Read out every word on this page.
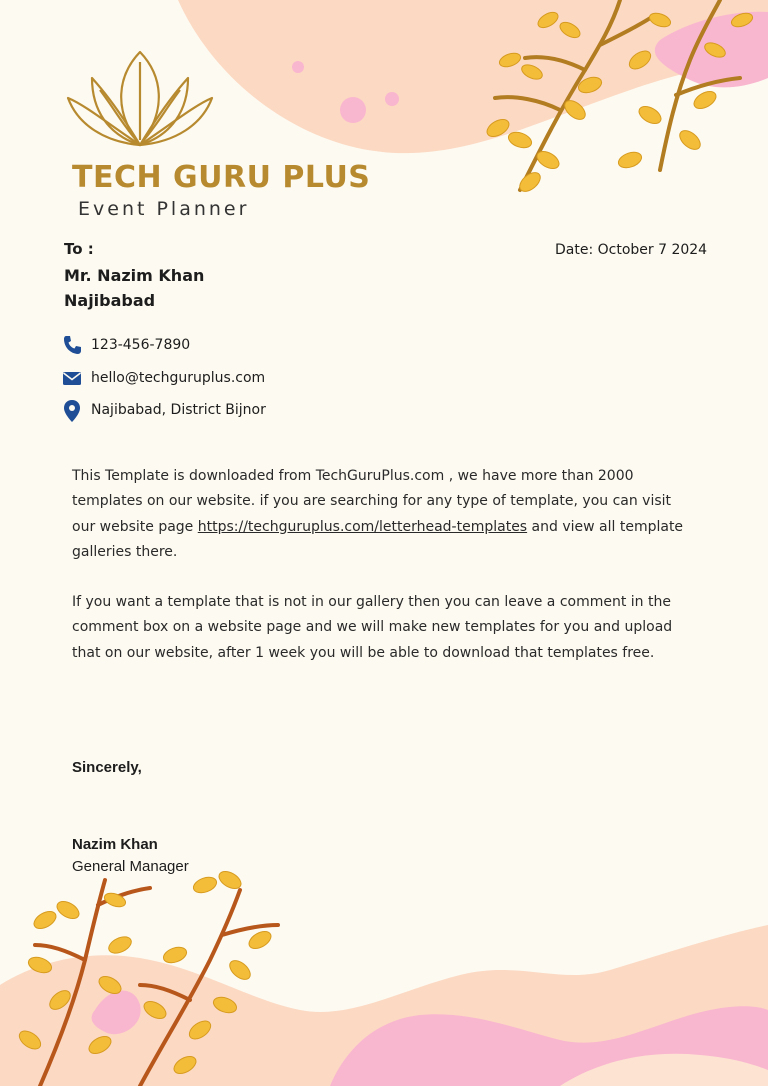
TECH GURU PLUS
Event Planner
To :
Mr. Nazim Khan
Najibabad
Date: October 7 2024
123-456-7890
hello@techguruplus.com
Najibabad, District Bijnor

This Template is downloaded from TechGuruPlus.com , we have more than 2000 templates on our website. if you are searching for any type of template, you can visit our website page https://techguruplus.com/letterhead-templates and view all template galleries there.

If you want a template that is not in our gallery then you can leave a comment in the comment box on a website page and we will make new templates for you and upload that on our website, after 1 week you will be able to download that templates free.

Sincerely,
Nazim Khan
General Manager
